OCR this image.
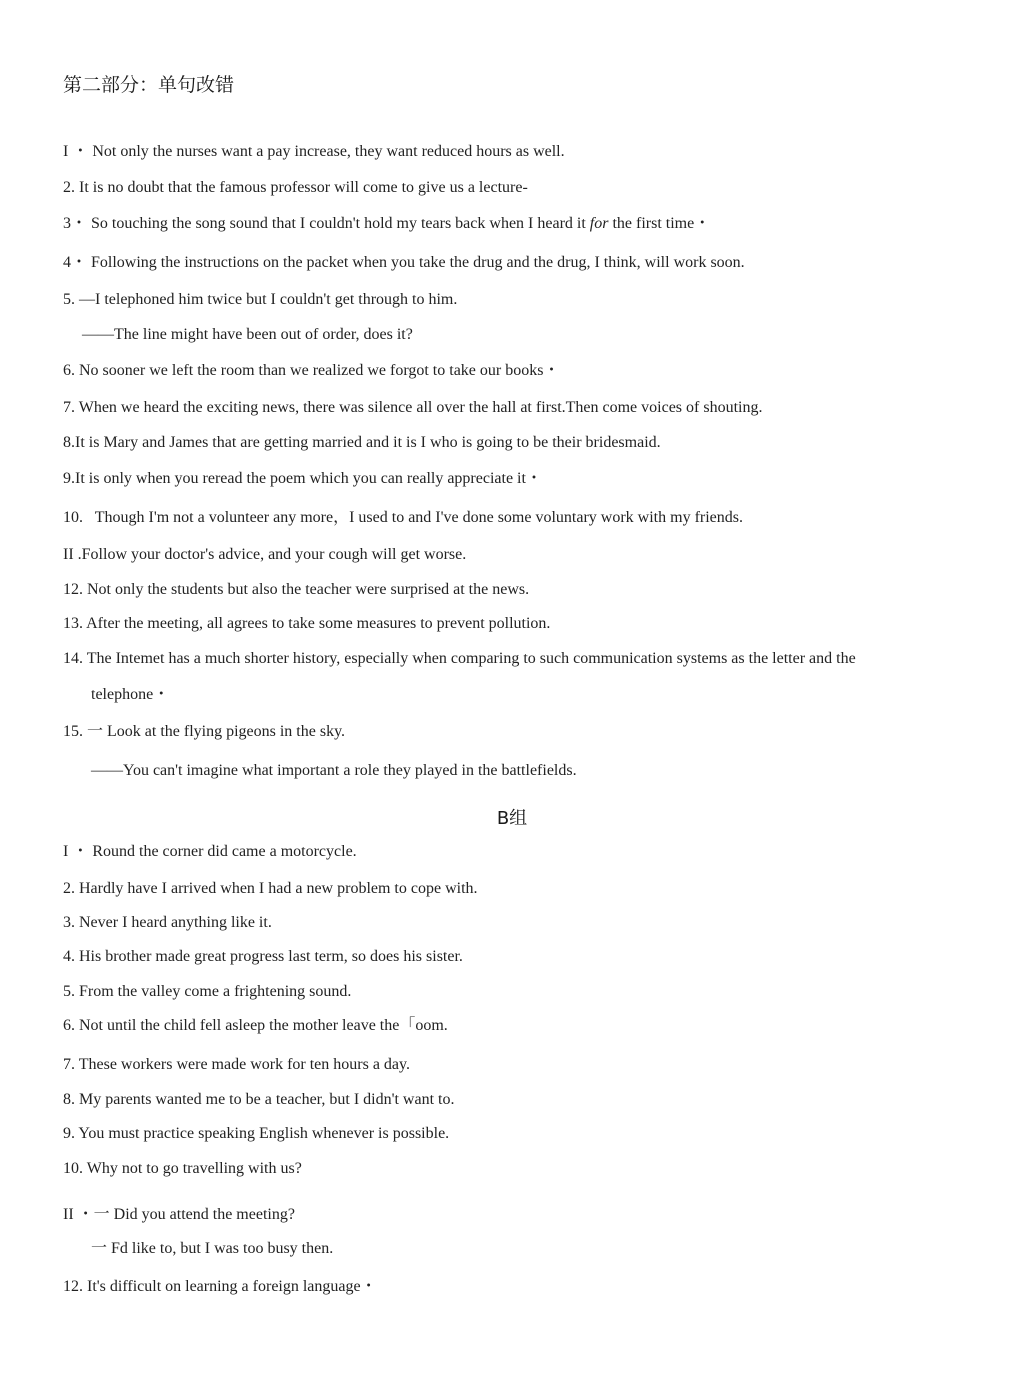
第二部分：单句改错
I ・ Not only the nurses want a pay increase, they want reduced hours as well.
2. It is no doubt that the famous professor will come to give us a lecture-
3・ So touching the song sound that I couldn't hold my tears back when I heard it for the first time・
4・ Following the instructions on the packet when you take the drug and the drug, I think, will work soon.
5. —I telephoned him twice but I couldn't get through to him.
——The line might have been out of order, does it?
6. No sooner we left the room than we realized we forgot to take our books・
7. When we heard the exciting news, there was silence all over the hall at first.Then come voices of shouting.
8.It is Mary and James that are getting married and it is I who is going to be their bridesmaid.
9.It is only when you reread the poem which you can really appreciate it・
10.   Though I'm not a volunteer any more，I used to and I've done some voluntary work with my friends.
II .Follow your doctor's advice, and your cough will get worse.
12. Not only the students but also the teacher were surprised at the news.
13. After the meeting, all agrees to take some measures to prevent pollution.
14. The Intemet has a much shorter history, especially when comparing to such communication systems as the letter and the
telephone・
15. 一 Look at the flying pigeons in the sky.
——You can't imagine what important a role they played in the battlefields.
B组
I ・ Round the corner did came a motorcycle.
2. Hardly have I arrived when I had a new problem to cope with.
3. Never I heard anything like it.
4. His brother made great progress last term, so does his sister.
5. From the valley come a frightening sound.
6. Not until the child fell asleep the mother leave the「oom.
7. These workers were made work for ten hours a day.
8. My parents wanted me to be a teacher, but I didn't want to.
9. You must practice speaking English whenever is possible.
10. Why not to go travelling with us?
II ・一 Did you attend the meeting?
一 Fd like to, but I was too busy then.
12. It's difficult on learning a foreign language・
